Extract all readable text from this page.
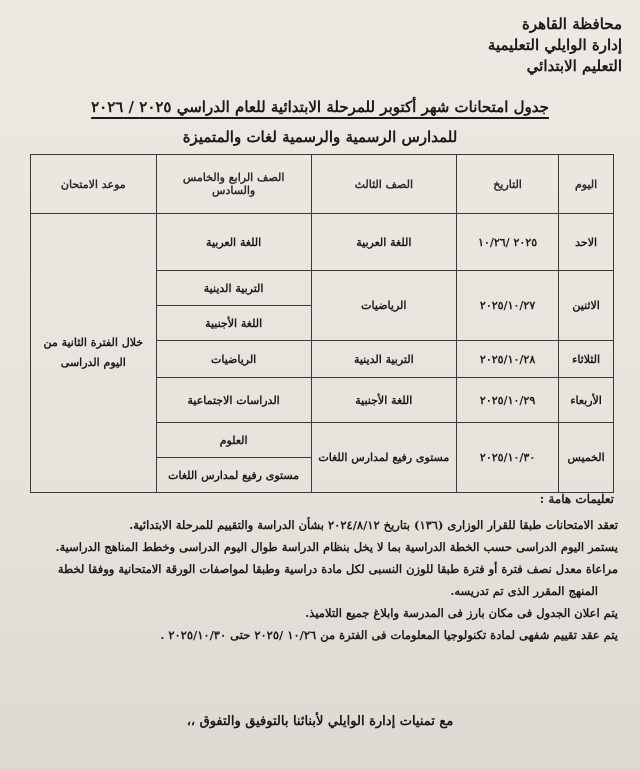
محافظة القاهرة
إدارة الوايلي التعليمية
التعليم الابتدائي
جدول امتحانات شهر أكتوبر للمرحلة الابتدائية للعام الدراسي ٢٠٢٥ / ٢٠٢٦
للمدارس الرسمية والرسمية لغات والمتميزة
اليوم	التاريخ	الصف الثالث	الصف الرابع والخامس والسادس	موعد الامتحان
الاحد	٢٠٢٥ /١٠/٢٦	اللغة العربية	اللغة العربية	خلال الفترة الثانية من اليوم الدراسى
الاثنين	٢٠٢٥/١٠/٢٧	الرياضيات	التربية الدينية	
			اللغة الأجنبية	
الثلاثاء	٢٠٢٥/١٠/٢٨	التربية الدينية	الرياضيات	
الأربعاء	٢٠٢٥/١٠/٢٩	اللغة الأجنبية	الدراسات الاجتماعية	
الخميس	٢٠٢٥/١٠/٣٠	مستوى رفيع لمدارس اللغات	العلوم	
			مستوى رفيع لمدارس اللغات	
تعليمات هامة :
تعقد الامتحانات طبقا للقرار الوزارى (١٣٦) بتاريخ ٢٠٢٤/٨/١٢ بشأن الدراسة والتقييم للمرحلة الابتدائية.
يستمر اليوم الدراسى حسب الخطة الدراسية بما لا يخل بنظام الدراسة طوال اليوم الدراسى وخطط المناهج الدراسية.
مراعاة معدل نصف فترة أو فترة طبقا للوزن النسبى لكل مادة دراسية وطبقا لمواصفات الورقة الامتحانية ووفقا لخطة
المنهج المقرر الذى تم تدريسه.
يتم اعلان الجدول فى مكان بارز فى المدرسة وابلاغ جميع التلاميذ.
يتم عقد تقييم شفهى لمادة تكنولوجيا المعلومات فى الفترة من ١٠/٢٦ /٢٠٢٥ حتى ٢٠٢٥/١٠/٣٠ .
مع تمنيات إدارة الوايلي لأبنائنا بالتوفيق والتفوق ،،
